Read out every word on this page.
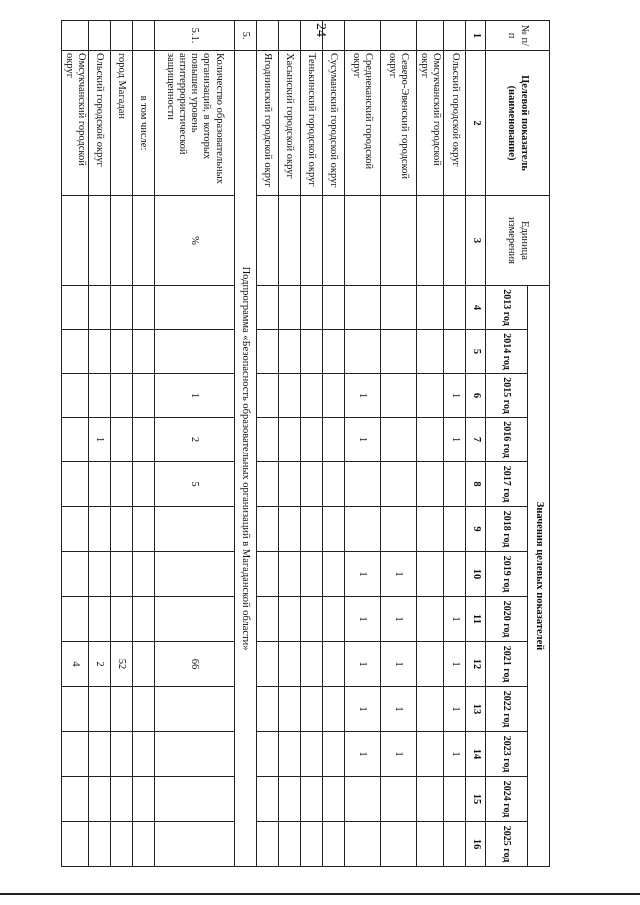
24	№ п/п	Целевой показатель (наименование)	Единица измерения	Значения целевых показателей												
			2013 год	2014 год	2015 год	2016 год	2017 год	2018 год	2019 год	2020 год	2021 год	2022 год	2023 год	2024 год	2025 год
1	2	3	4	5	6	7	8	9	10	11	12	13	14	15	16
	Ольский городской округ				1	1				1	1	1	1		
	Омсукчанский городской округ														
	Северо-Эвенский городской округ								1	1	1	1	1		
	Среднеканский городской округ				1	1			1	1	1	1	1		
	Сусуманский городской округ														
	Тенькинский городской округ														
	Хасынский городской округ														
	Ягоднинский городской округ														
5.	Подпрограмма «Безопасность образовательных организаций в Магаданской области»														
5.1.	Количество образовательных организаций, в которых повышен уровень антитеррористической защищенности	%			1	2	5				66				
	в том числе:														
	город Магадан										52				
	Ольский городской округ					1					2				
	Омсукчанский городской округ										4				
